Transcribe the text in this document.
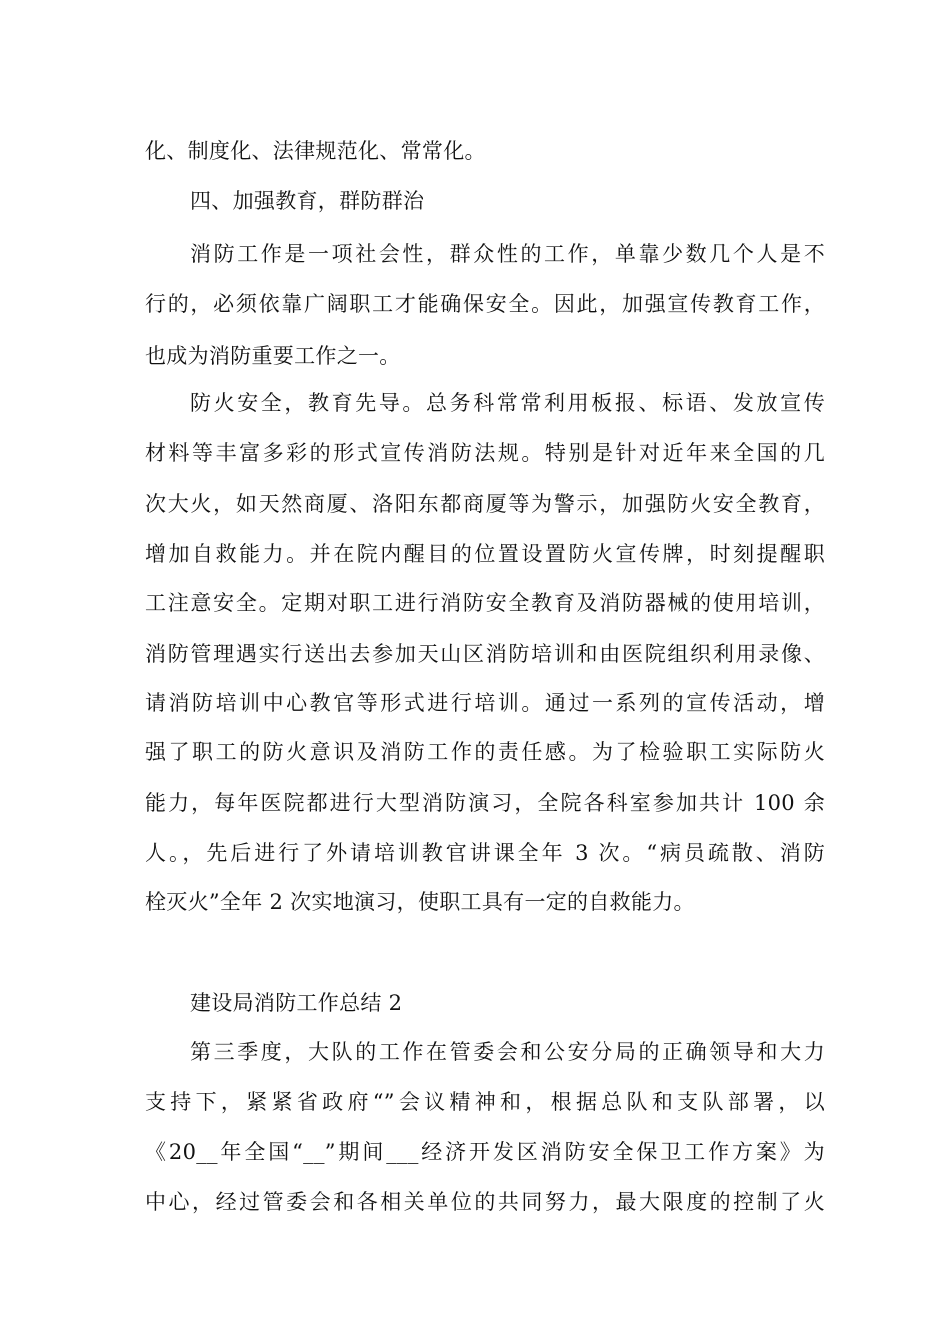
化、制度化、法律规范化、常常化。
四、加强教育，群防群治
消防工作是一项社会性，群众性的工作，单靠少数几个人是不
行的，必须依靠广阔职工才能确保安全。因此，加强宣传教育工作，
也成为消防重要工作之一。
防火安全，教育先导。总务科常常利用板报、标语、发放宣传
材料等丰富多彩的形式宣传消防法规。特别是针对近年来全国的几
次大火，如天然商厦、洛阳东都商厦等为警示，加强防火安全教育，
增加自救能力。并在院内醒目的位置设置防火宣传牌，时刻提醒职
工注意安全。定期对职工进行消防安全教育及消防器械的使用培训，
消防管理遇实行送出去参加天山区消防培训和由医院组织利用录像、
请消防培训中心教官等形式进行培训。通过一系列的宣传活动，增
强了职工的防火意识及消防工作的责任感。为了检验职工实际防火
能力，每年医院都进行大型消防演习，全院各科室参加共计 100 余
人。，先后进行了外请培训教官讲课全年 3 次。“病员疏散、消防
栓灭火”全年 2 次实地演习，使职工具有一定的自救能力。
建设局消防工作总结 2
第三季度，大队的工作在管委会和公安分局的正确领导和大力
支持下，紧紧省政府“”会议精神和，根据总队和支队部署，以
《20__年全国“__”期间___经济开发区消防安全保卫工作方案》为
中心，经过管委会和各相关单位的共同努力，最大限度的控制了火
